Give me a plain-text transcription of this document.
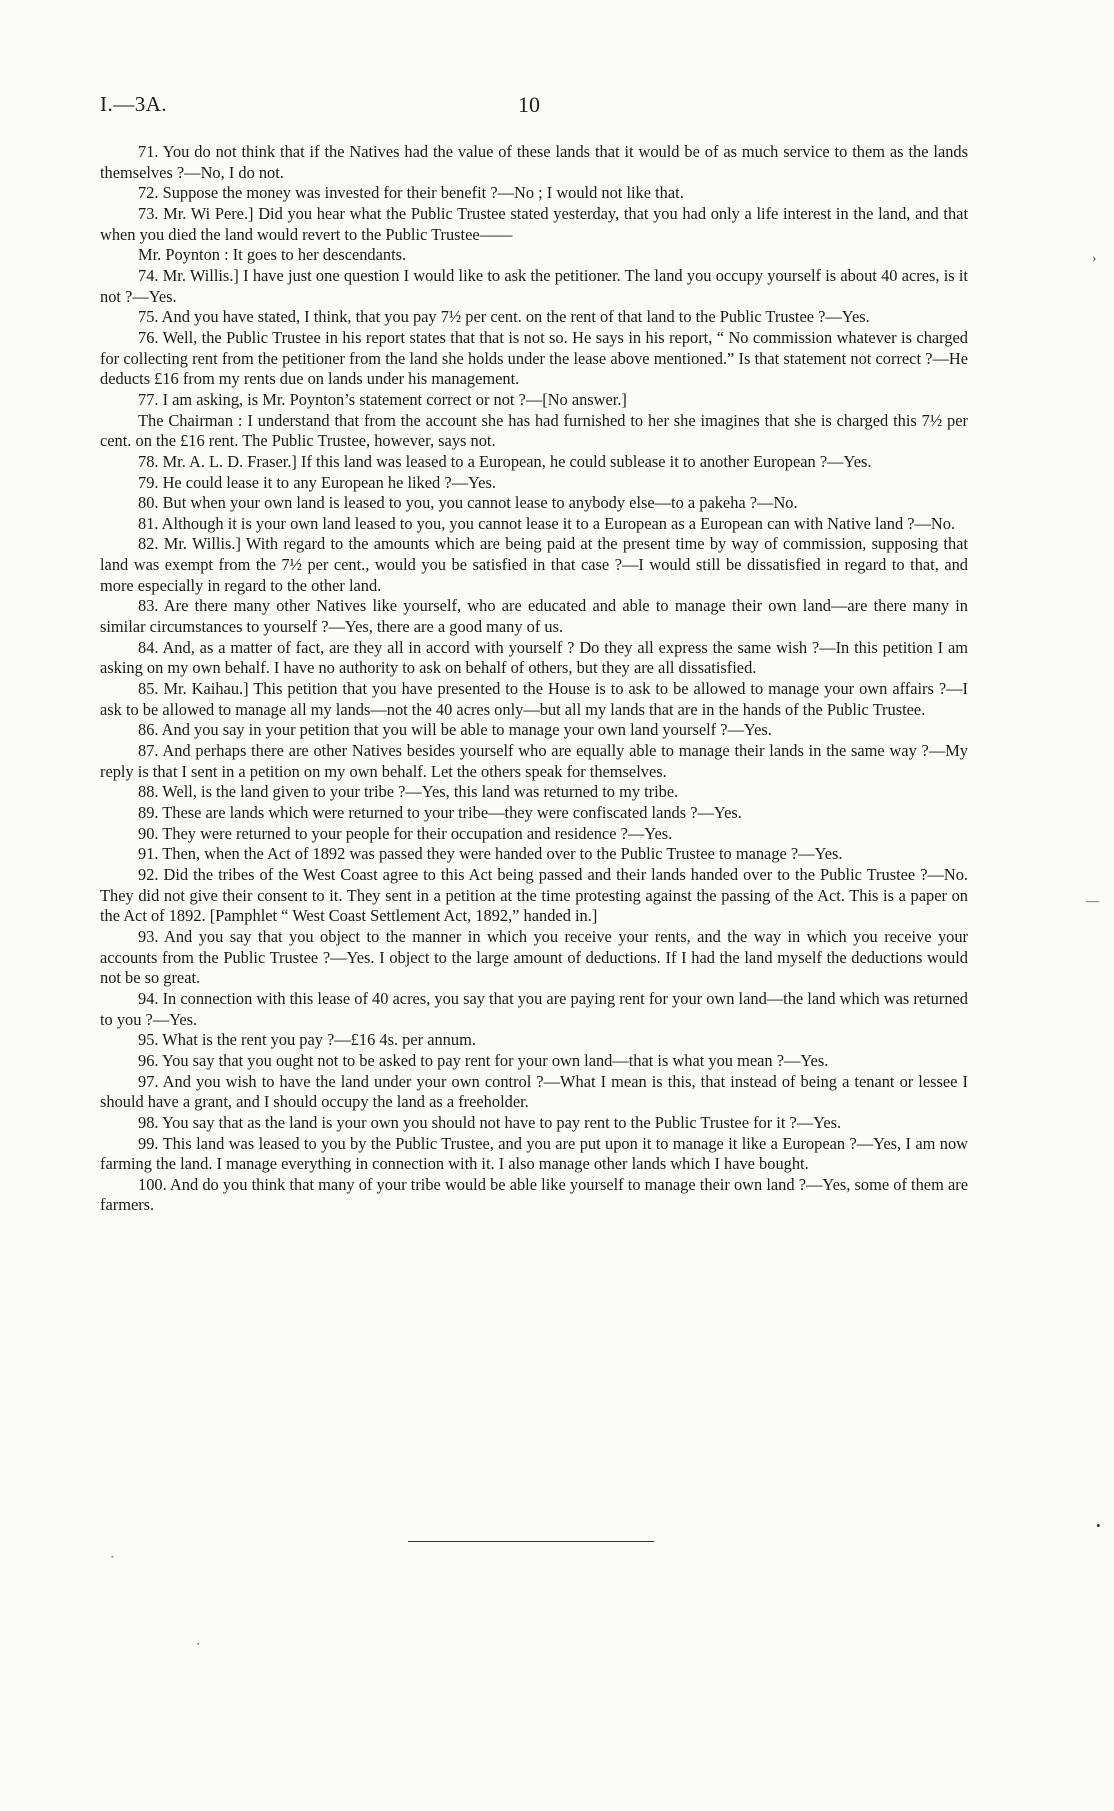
I.—3A.	10

71. You do not think that if the Natives had the value of these lands that it would be of as much service to them as the lands themselves ?—No, I do not.

72. Suppose the money was invested for their benefit ?—No ; I would not like that.

73. Mr. Wi Pere.] Did you hear what the Public Trustee stated yesterday, that you had only a life interest in the land, and that when you died the land would revert to the Public Trustee——

Mr. Poynton : It goes to her descendants.

74. Mr. Willis.] I have just one question I would like to ask the petitioner. The land you occupy yourself is about 40 acres, is it not ?—Yes.

75. And you have stated, I think, that you pay 7½ per cent. on the rent of that land to the Public Trustee ?—Yes.

76. Well, the Public Trustee in his report states that that is not so. He says in his report, “ No commission whatever is charged for collecting rent from the petitioner from the land she holds under the lease above mentioned.” Is that statement not correct ?—He deducts £16 from my rents due on lands under his management.

77. I am asking, is Mr. Poynton’s statement correct or not ?—[No answer.]

The Chairman : I understand that from the account she has had furnished to her she imagines that she is charged this 7½ per cent. on the £16 rent. The Public Trustee, however, says not.

78. Mr. A. L. D. Fraser.] If this land was leased to a European, he could sublease it to another European ?—Yes.

79. He could lease it to any European he liked ?—Yes.

80. But when your own land is leased to you, you cannot lease to anybody else—to a pakeha ?—No.

81. Although it is your own land leased to you, you cannot lease it to a European as a European can with Native land ?—No.

82. Mr. Willis.] With regard to the amounts which are being paid at the present time by way of commission, supposing that land was exempt from the 7½ per cent., would you be satisfied in that case ?—I would still be dissatisfied in regard to that, and more especially in regard to the other land.

83. Are there many other Natives like yourself, who are educated and able to manage their own land—are there many in similar circumstances to yourself ?—Yes, there are a good many of us.

84. And, as a matter of fact, are they all in accord with yourself ? Do they all express the same wish ?—In this petition I am asking on my own behalf. I have no authority to ask on behalf of others, but they are all dissatisfied.

85. Mr. Kaihau.] This petition that you have presented to the House is to ask to be allowed to manage your own affairs ?—I ask to be allowed to manage all my lands—not the 40 acres only—but all my lands that are in the hands of the Public Trustee.

86. And you say in your petition that you will be able to manage your own land yourself ?—Yes.

87. And perhaps there are other Natives besides yourself who are equally able to manage their lands in the same way ?—My reply is that I sent in a petition on my own behalf. Let the others speak for themselves.

88. Well, is the land given to your tribe ?—Yes, this land was returned to my tribe.

89. These are lands which were returned to your tribe—they were confiscated lands ?—Yes.

90. They were returned to your people for their occupation and residence ?—Yes.

91. Then, when the Act of 1892 was passed they were handed over to the Public Trustee to manage ?—Yes.

92. Did the tribes of the West Coast agree to this Act being passed and their lands handed over to the Public Trustee ?—No. They did not give their consent to it. They sent in a petition at the time protesting against the passing of the Act. This is a paper on the Act of 1892. [Pamphlet “ West Coast Settlement Act, 1892,” handed in.]

93. And you say that you object to the manner in which you receive your rents, and the way in which you receive your accounts from the Public Trustee ?—Yes. I object to the large amount of deductions. If I had the land myself the deductions would not be so great.

94. In connection with this lease of 40 acres, you say that you are paying rent for your own land—the land which was returned to you ?—Yes.

95. What is the rent you pay ?—£16 4s. per annum.

96. You say that you ought not to be asked to pay rent for your own land—that is what you mean ?—Yes.

97. And you wish to have the land under your own control ?—What I mean is this, that instead of being a tenant or lessee I should have a grant, and I should occupy the land as a freeholder.

98. You say that as the land is your own you should not have to pay rent to the Public Trustee for it ?—Yes.

99. This land was leased to you by the Public Trustee, and you are put upon it to manage it like a European ?—Yes, I am now farming the land. I manage everything in connection with it. I also manage other lands which I have bought.

100. And do you think that many of your tribe would be able like yourself to manage their own land ?—Yes, some of them are farmers.

›
—
•
·
·
